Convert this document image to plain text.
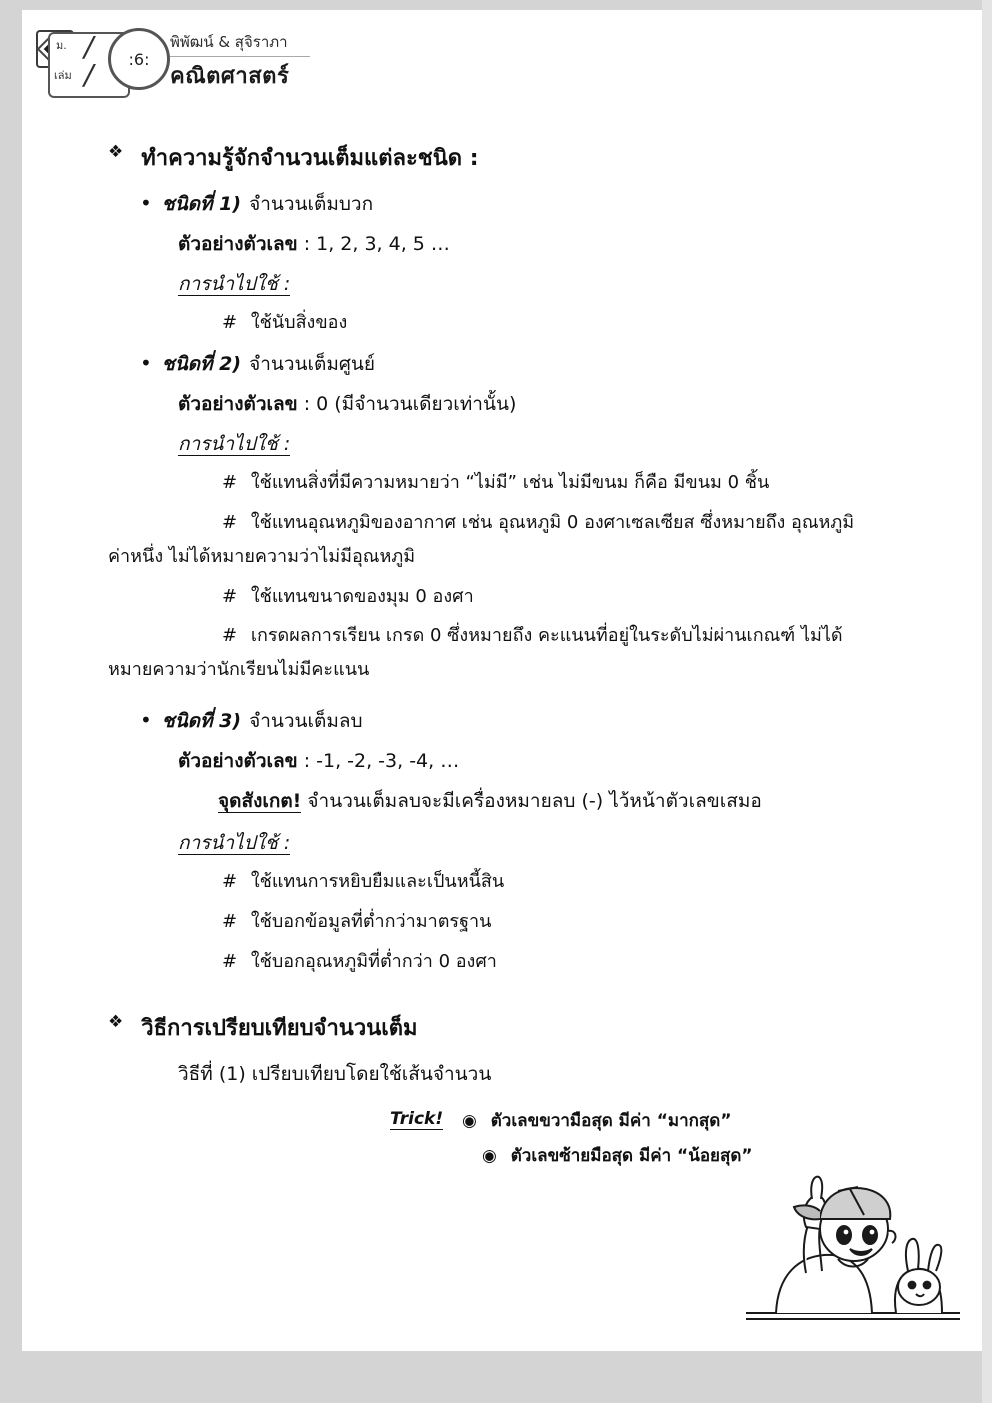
ม.
เล่ม
/
/	:6:
พิพัฒน์ & สุจิราภา
คณิตศาสตร์
❖ ทำความรู้จักจำนวนเต็มแต่ละชนิด :
• ชนิดที่ 1) จำนวนเต็มบวก
ตัวอย่างตัวเลข : 1, 2, 3, 4, 5 …
การนำไปใช้ :
# ใช้นับสิ่งของ
• ชนิดที่ 2) จำนวนเต็มศูนย์
ตัวอย่างตัวเลข : 0 (มีจำนวนเดียวเท่านั้น)
การนำไปใช้ :
# ใช้แทนสิ่งที่มีความหมายว่า “ไม่มี” เช่น ไม่มีขนม ก็คือ มีขนม 0 ชิ้น
# ใช้แทนอุณหภูมิของอากาศ เช่น อุณหภูมิ 0 องศาเซลเซียส ซึ่งหมายถึง อุณหภูมิ
ค่าหนึ่ง ไม่ได้หมายความว่าไม่มีอุณหภูมิ
# ใช้แทนขนาดของมุม 0 องศา
# เกรดผลการเรียน เกรด 0 ซึ่งหมายถึง คะแนนที่อยู่ในระดับไม่ผ่านเกณฑ์ ไม่ได้
หมายความว่านักเรียนไม่มีคะแนน
• ชนิดที่ 3) จำนวนเต็มลบ
ตัวอย่างตัวเลข : -1, -2, -3, -4, …
จุดสังเกต! จำนวนเต็มลบจะมีเครื่องหมายลบ (-) ไว้หน้าตัวเลขเสมอ
การนำไปใช้ :
# ใช้แทนการหยิบยืมและเป็นหนี้สิน
# ใช้บอกข้อมูลที่ต่ำกว่ามาตรฐาน
# ใช้บอกอุณหภูมิที่ต่ำกว่า 0 องศา
❖ วิธีการเปรียบเทียบจำนวนเต็ม
วิธีที่ (1) เปรียบเทียบโดยใช้เส้นจำนวน
Trick!	◉ ตัวเลขขวามือสุด มีค่า “มากสุด”
◉ ตัวเลขซ้ายมือสุด มีค่า “น้อยสุด”
